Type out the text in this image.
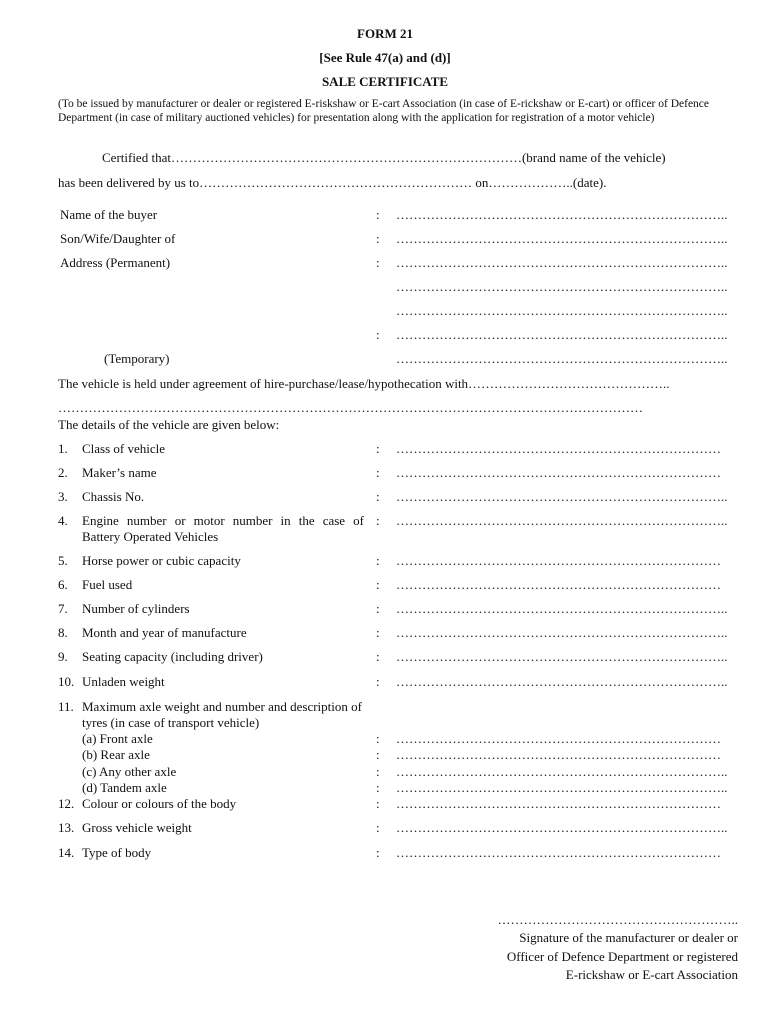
FORM 21
[See Rule 47(a) and (d)]
SALE CERTIFICATE
(To be issued by manufacturer or dealer or registered E-riskshaw or E-cart Association (in case of E-rickshaw or E-cart) or officer of Defence Department (in case of military auctioned vehicles) for presentation along with the application for registration of a motor vehicle)
Certified that………………………………………………………………………(brand name of the vehicle)
has been delivered by us to……………………………………………………… on………………..(date).
Name of the buyer	: …………………………………………………………………..
Son/Wife/Daughter of	: …………………………………………………………………..
Address (Permanent)	: …………………………………………………………………..
…………………………………………………………………..
…………………………………………………………………..
: …………………………………………………………………..
(Temporary)	…………………………………………………………………..
The vehicle is held under agreement of hire-purchase/lease/hypothecation with………………………………………..
………………………………………………………………………………………………………………………
The details of the vehicle are given below:
1. Class of vehicle	: …………………………………………………………………
2. Maker’s name	: …………………………………………………………………
3. Chassis No.	: …………………………………………………………………..
4. Engine number or motor number in the case of Battery Operated Vehicles
: …………………………………………………………………..
5. Horse power or cubic capacity	: …………………………………………………………………
6. Fuel used	: …………………………………………………………………
7. Number of cylinders	: …………………………………………………………………..
8. Month and year of manufacture	: …………………………………………………………………..
9. Seating capacity (including driver)	: …………………………………………………………………..
10. Unladen weight	: …………………………………………………………………..
11. Maximum axle weight and number and description of tyres (in case of transport vehicle)
(a) Front axle	: …………………………………………………………………
(b) Rear axle	: …………………………………………………………………
(c) Any other axle	: …………………………………………………………………..
(d) Tandem axle	: …………………………………………………………………..
12. Colour or colours of the body	: …………………………………………………………………
13. Gross vehicle weight	: …………………………………………………………………..
14. Type of body	: …………………………………………………………………
………………………………………………..
Signature of the manufacturer or dealer or
Officer of Defence Department or registered
E-rickshaw or E-cart Association
